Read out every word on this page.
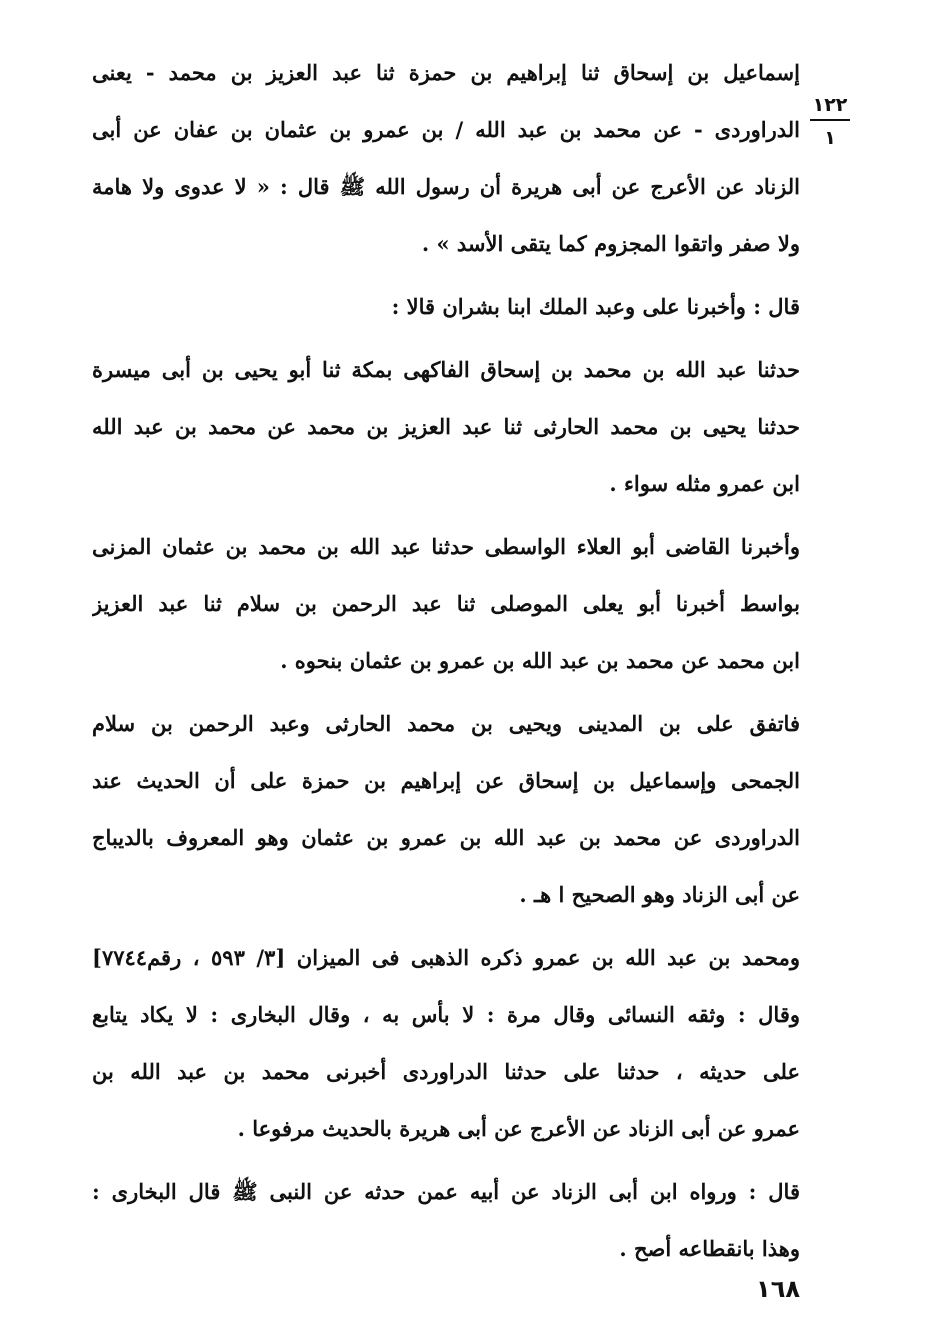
١٢٢
١
إسماعيل بن إسحاق ثنا إبراهيم بن حمزة ثنا عبد العزيز بن محمد - يعنى
الدراوردى - عن محمد بن عبد الله / بن عمرو بن عثمان بن عفان عن أبى
الزناد عن الأعرج عن أبى هريرة أن رسول الله ﷺ قال : « لا عدوى ولا هامة
ولا صفر واتقوا المجزوم كما يتقى الأسد » .
قال : وأخبرنا على وعبد الملك ابنا بشران قالا :
حدثنا عبد الله بن محمد بن إسحاق الفاكهى بمكة ثنا أبو يحيى بن أبى ميسرة
حدثنا يحيى بن محمد الحارثى ثنا عبد العزيز بن محمد عن محمد بن عبد الله
ابن عمرو مثله سواء .
وأخبرنا القاضى أبو العلاء الواسطى حدثنا عبد الله بن محمد بن عثمان المزنى
بواسط أخبرنا أبو يعلى الموصلى ثنا عبد الرحمن بن سلام ثنا عبد العزيز
ابن محمد عن محمد بن عبد الله بن عمرو بن عثمان بنحوه .
فاتفق على بن المدينى ويحيى بن محمد الحارثى وعبد الرحمن بن سلام
الجمحى وإسماعيل بن إسحاق عن إبراهيم بن حمزة على أن الحديث عند
الدراوردى عن محمد بن عبد الله بن عمرو بن عثمان وهو المعروف بالديباج
عن أبى الزناد وهو الصحيح ا هـ .
ومحمد بن عبد الله بن عمرو ذكره الذهبى فى الميزان [٣/ ٥٩٣ ، رقم٧٧٤٤]
وقال : وثقه النسائى وقال مرة : لا بأس به ، وقال البخارى : لا يكاد يتابع
على حديثه ، حدثنا على حدثنا الدراوردى أخبرنى محمد بن عبد الله بن
عمرو عن أبى الزناد عن الأعرج عن أبى هريرة بالحديث مرفوعا .
قال : ورواه ابن أبى الزناد عن أبيه عمن حدثه عن النبى ﷺ قال البخارى :
وهذا بانقطاعه أصح .
١٦٨
